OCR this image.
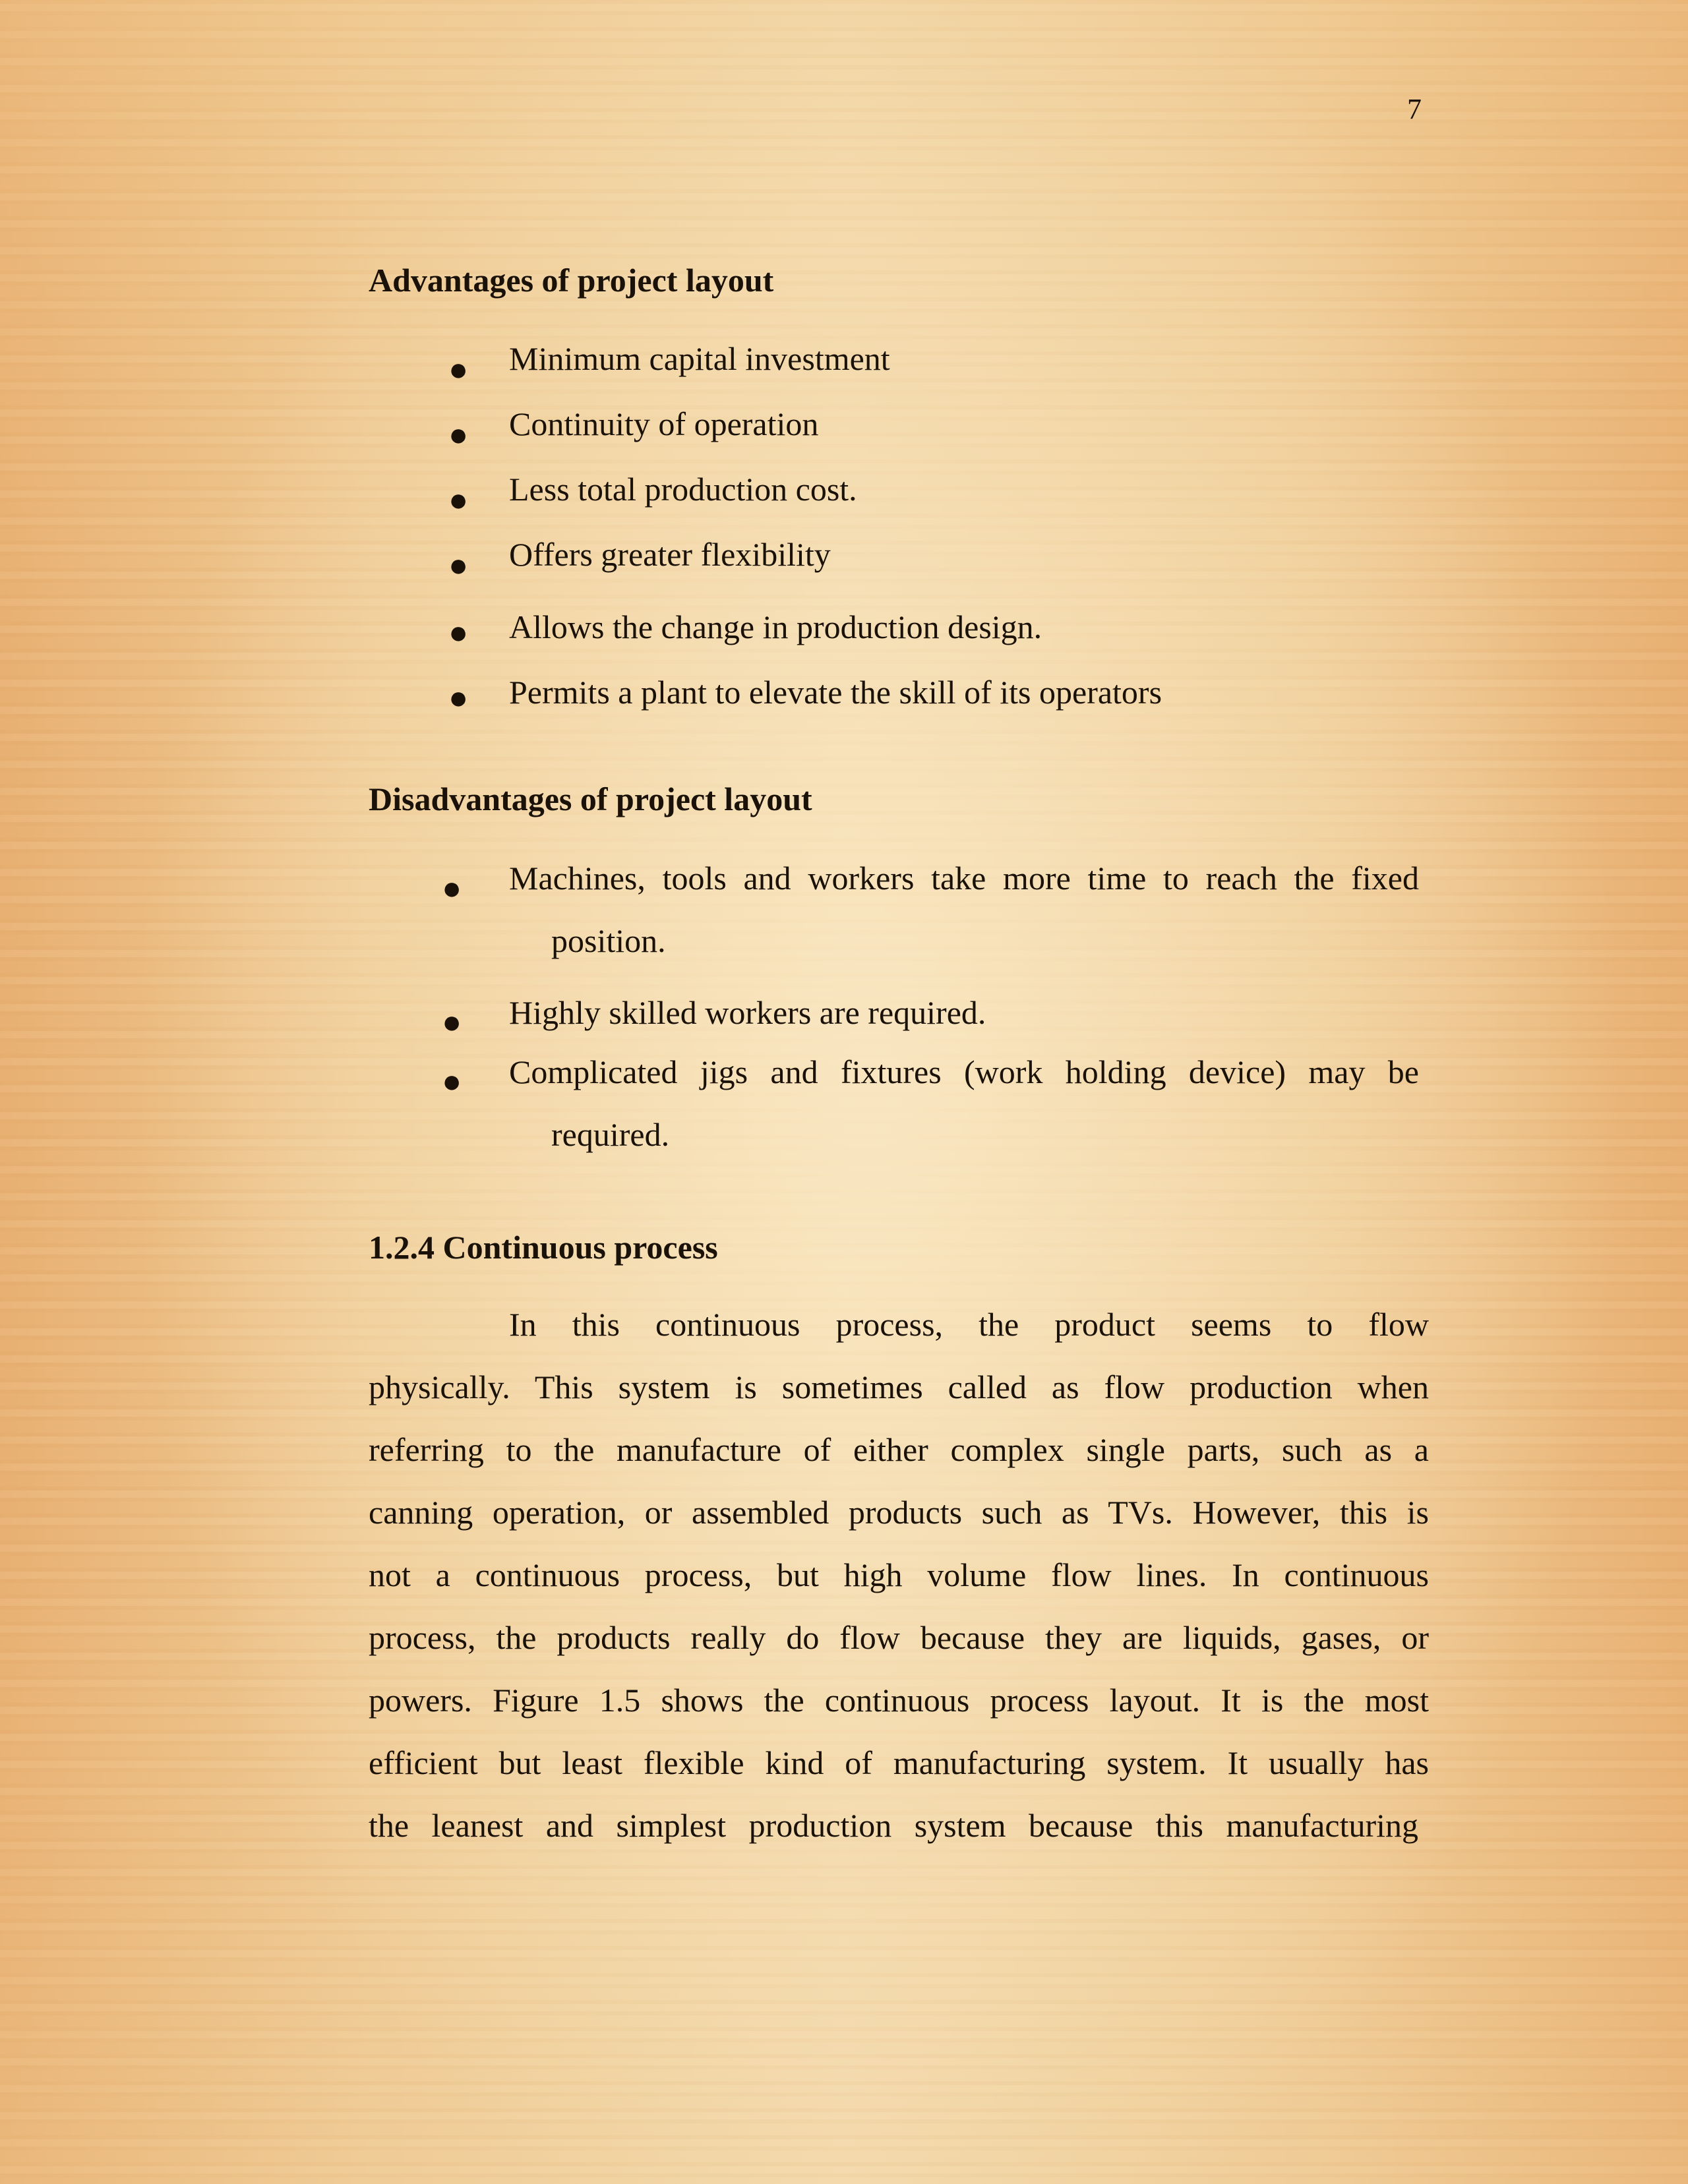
7
Advantages of project layout
● Minimum capital investment
● Continuity of operation
● Less total production cost.
● Offers greater flexibility
● Allows the change in production design.
● Permits a plant to elevate the skill of its operators
Disadvantages of project layout
● Machines, tools and workers take more time to reach the fixed
position.
● Highly skilled workers are required.
● Complicated jigs and fixtures (work holding device) may be
required.
1.2.4 Continuous process
In this continuous process, the product seems to flow
physically. This system is sometimes called as flow production when
referring to the manufacture of either complex single parts, such as a
canning operation, or assembled products such as TVs. However, this is
not a continuous process, but high volume flow lines. In continuous
process, the products really do flow because they are liquids, gases, or
powers. Figure 1.5 shows the continuous process layout. It is the most
efficient but least flexible kind of manufacturing system. It usually has
the leanest and simplest production system because this manufacturing
